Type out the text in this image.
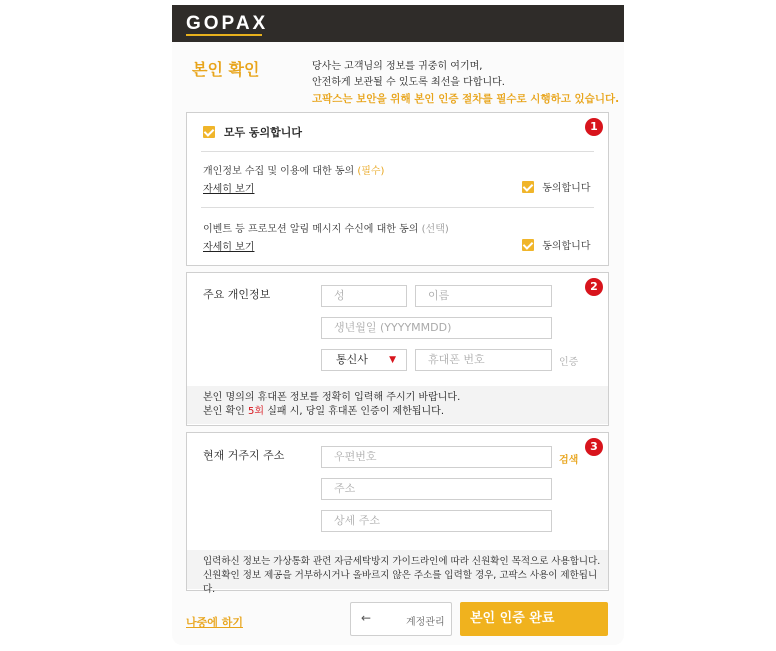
GOPAX
본인 확인	당사는 고객님의 정보를 귀중히 여기며,
안전하게 보관될 수 있도록 최선을 다합니다.
고팍스는 보안을 위해 본인 인증 절차를 필수로 시행하고 있습니다.
1
모두 동의합니다
개인정보 수집 및 이용에 대한 동의 (필수)
자세히 보기	동의합니다
이벤트 등 프로모션 알림 메시지 수신에 대한 동의 (선택)
자세히 보기	동의합니다
2
주요 개인정보	성	이름
생년월일 (YYYYMMDD)
통신사 ▼	휴대폰 번호	인증
본인 명의의 휴대폰 정보를 정확히 입력해 주시기 바랍니다.
본인 확인 5회 실패 시, 당일 휴대폰 인증이 제한됩니다.
3
현재 거주지 주소	우편번호	검색
주소
상세 주소
입력하신 정보는 가상통화 관련 자금세탁방지 가이드라인에 따라 신원확인 목적으로 사용합니다.
신원확인 정보 제공을 거부하시거나 올바르지 않은 주소를 입력할 경우, 고팍스 사용이 제한됩니다.
나중에 하기	←	계정관리	본인 인증 완료
